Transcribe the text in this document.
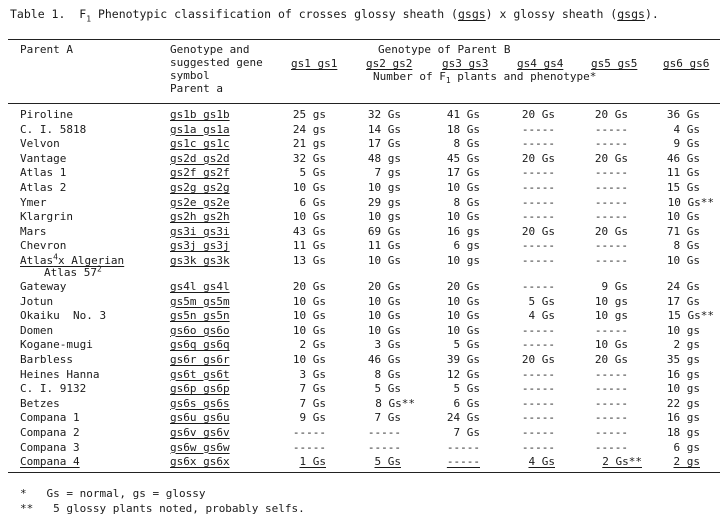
Table 1. $F_1$ Phenotypic classification of crosses glossy sheath (gsgs) x glossy sheath (gsgs).
Parent A	Genotype and
suggested gene
symbol
Parent a
Genotype of Parent B
gs1 gs1	gs2 gs2	gs3 gs3	gs4 gs4	gs5 gs5 gs6 gs6
Number of $F_1$ plants and phenotype*
Piroline	gs1b gs1b	25 gs	32 Gs	41 Gs	20 Gs	20 Gs	36 Gs
C. I. 5818	gs1a gs1a	24 gs	14 Gs	18 Gs	-----	-----	4 Gs
Velvon	gs1c gs1c	21 gs	17 Gs	8 Gs	-----	-----	9 Gs
Vantage	gs2d gs2d	32 Gs	48 gs	45 Gs	20 Gs	20 Gs	46 Gs
Atlas 1	gs2f gs2f	5 Gs	7 gs	17 Gs	-----	-----	11 Gs
Atlas 2	gs2g gs2g	10 Gs	10 gs	10 Gs	-----	-----	15 Gs
Ymer	gs2e gs2e	6 Gs	29 gs	8 Gs	-----	-----	10 Gs**
Klargrin	gs2h gs2h	10 Gs	10 gs	10 Gs	-----	-----	10 Gs
Mars	gs3i gs3i	43 Gs	69 Gs	16 gs	20 Gs	20 Gs	71 Gs
Chevron	gs3j gs3j	11 Gs	11 Gs	6 gs	-----	-----	8 Gs
Atlas $57^2$
Atlas$^4$x Algerian	gs3k gs3k	13 Gs	10 Gs	10 gs	-----	-----	10 Gs
Gateway	gs4l gs4l	20 Gs	20 Gs	20 Gs	-----	9 Gs	24 Gs
Jotun	gs5m gs5m	10 Gs	10 Gs	10 Gs	5 Gs	10 gs	17 Gs
Okaiku  No. 3	gs5n gs5n	10 Gs	10 Gs	10 Gs	4 Gs	10 gs	15 Gs**
Domen	gs6o gs6o	10 Gs	10 Gs	10 Gs	-----	-----	10 gs
Kogane-mugi	gs6q gs6q	2 Gs	3 Gs	5 Gs	-----	10 Gs	2 gs
Barbless	gs6r gs6r	10 Gs	46 Gs	39 Gs	20 Gs	20 Gs	35 gs
Heines Hanna	gs6t gs6t	3 Gs	8 Gs	12 Gs	-----	-----	16 gs
C. I. 9132	gs6p gs6p	7 Gs	5 Gs	5 Gs	-----	-----	10 gs
Betzes	gs6s gs6s	7 Gs	8 Gs**	6 Gs	-----	-----	22 gs
Compana 1	gs6u gs6u	9 Gs	7 Gs	24 Gs	-----	-----	16 gs
Compana 2	gs6v gs6v	-----	-----	7 Gs	-----	-----	18 gs
Compana 3	gs6w gs6w	-----	-----	-----	-----	-----	6 gs
Compana 4	gs6x gs6x	1 Gs	5 Gs	-----	4 Gs	2 Gs**	2 gs
* Gs = normal, gs = glossy
** 5 glossy plants noted, probably selfs.
